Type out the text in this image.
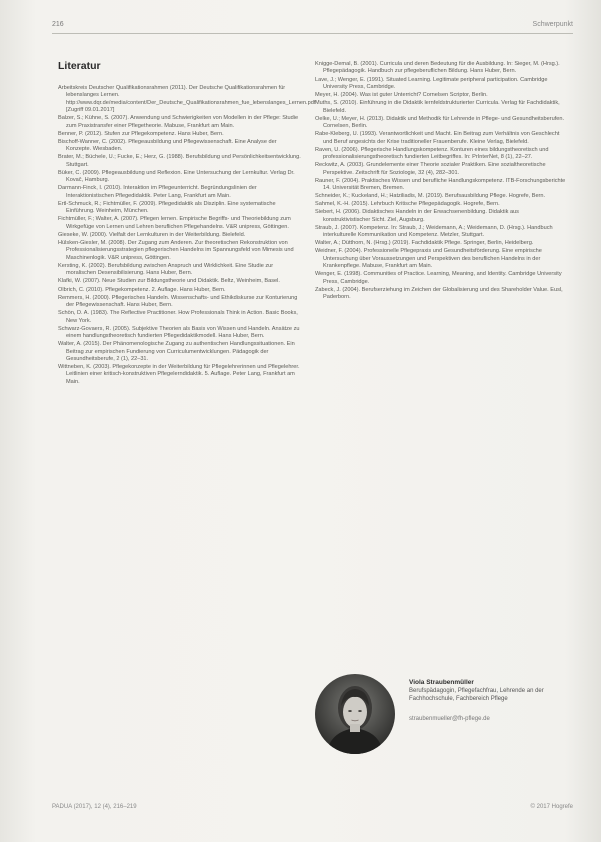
216	Schwerpunkt
Literatur

Arbeitskreis Deutscher Qualifikationsrahmen (2011). Der Deutsche Qualifikationsrahmen für lebenslanges Lernen. http://www.dqr.de/media/content/Der_Deutsche_Qualifikationsrahmen_fue_lebenslanges_Lernen.pdf [Zugriff 09.01.2017]

Balzer, S.; Kühne, S. (2007). Anwendung und Schwierigkeiten von Modellen in der Pflege: Studie zum Praxistransfer einer Pflegetheorie. Mabuse, Frankfurt am Main.

Benner, P. (2012). Stufen zur Pflegekompetenz. Hans Huber, Bern.

Bischoff-Wanner, C. (2002). Pflegeausbildung und Pflegewissenschaft. Eine Analyse der Konzepte. Wiesbaden.

Brater, M.; Büchele, U.; Fucke, E.; Herz, G. (1988). Berufsbildung und Persönlichkeitsentwicklung. Stuttgart.

Büker, C. (2009). Pflegeausbildung und Reflexion. Eine Untersuchung der Lernkultur. Verlag Dr. Kovač, Hamburg.

Darmann-Finck, I. (2010). Interaktion im Pflegeunterricht. Begründungslinien der Interaktionistischen Pflegedidaktik. Peter Lang, Frankfurt am Main.

Ertl-Schmuck, R.; Fichtmüller, F. (2009). Pflegedidaktik als Disziplin. Eine systematische Einführung. Weinheim, München.

Fichtmüller, F.; Walter, A. (2007). Pflegen lernen. Empirische Begriffs- und Theoriebildung zum Wirkgefüge von Lernen und Lehren beruflichen Pflegehandelns. V&R unipress, Göttingen.

Gieseke, W. (2000). Vielfalt der Lernkulturen in der Weiterbildung. Bielefeld.

Hülsken-Giesler, M. (2008). Der Zugang zum Anderen. Zur theoretischen Rekonstruktion von Professionalisierungsstrategien pflegerischen Handelns im Spannungsfeld von Mimesis und Maschinenlogik. V&R unipress, Göttingen.

Kersting, K. (2002). Berufsbildung zwischen Anspruch und Wirklichkeit. Eine Studie zur moralischen Desensibilisierung. Hans Huber, Bern.

Klafki, W. (2007). Neue Studien zur Bildungstheorie und Didaktik. Beltz, Weinheim, Basel.

Olbrich, C. (2010). Pflegekompetenz. 2. Auflage. Hans Huber, Bern.

Remmers, H. (2000). Pflegerisches Handeln. Wissenschafts- und Ethikdiskurse zur Konturierung der Pflegewissenschaft. Hans Huber, Bern.

Schön, D. A. (1983). The Reflective Practitioner. How Professionals Think in Action. Basic Books, New York.

Schwarz-Govaers, R. (2005). Subjektive Theorien als Basis von Wissen und Handeln. Ansätze zu einem handlungstheoretisch fundierten Pflegedidaktikmodell. Hans Huber, Bern.

Walter, A. (2015). Der Phänomenologische Zugang zu authentischen Handlungssituationen. Ein Beitrag zur empirischen Fundierung von Curriculumentwicklungen. Pädagogik der Gesundheitsberufe, 2 (1), 22–31.

Wittneben, K. (2003). Pflegekonzepte in der Weiterbildung für Pflegelehrerinnen und Pflegelehrer. Leitlinien einer kritisch-konstruktiven Pflegelerndidaktik. 5. Auflage. Peter Lang, Frankfurt am Main.

Knigge-Demal, B. (2001). Curricula und deren Bedeutung für die Ausbildung. In: Sieger, M. (Hrsg.). Pflegepädagogik. Handbuch zur pflegeberuflichen Bildung. Hans Huber, Bern.

Lave, J.; Wenger, E. (1991). Situated Learning. Legitimate peripheral participation. Cambridge University Press, Cambridge.

Meyer, H. (2004). Was ist guter Unterricht? Cornelsen Scriptor, Berlin.

Muths, S. (2010). Einführung in die Didaktik lernfeldstrukturierter Curricula. Verlag für Fachdidaktik, Bielefeld.

Oelke, U.; Meyer, H. (2013). Didaktik und Methodik für Lehrende in Pflege- und Gesundheitsberufen. Cornelsen, Berlin.

Rabe-Kleberg, U. (1993). Verantwortlichkeit und Macht. Ein Beitrag zum Verhältnis von Geschlecht und Beruf angesichts der Krise traditioneller Frauenberufe. Kleine Verlag, Bielefeld.

Raven, U. (2006). Pflegerische Handlungskompetenz. Konturen eines bildungstheoretisch und professionalisierungstheoretisch fundierten Leitbegriffes. In: PrInterNet, 8 (1), 22–27.

Reckwitz, A. (2003). Grundelemente einer Theorie sozialer Praktiken. Eine sozialtheoretische Perspektive. Zeitschrift für Soziologie, 32 (4), 282–301.

Rauner, F. (2004). Praktisches Wissen und berufliche Handlungskompetenz. ITB-Forschungsberichte 14. Universität Bremen, Bremen.

Schneider, K.; Kuckeland, H.; Hatziliadis, M. (2019). Berufsausbildung Pflege. Hogrefe, Bern.

Sahmel, K.-H. (2015). Lehrbuch Kritische Pflegepädagogik. Hogrefe, Bern.

Siebert, H. (2006). Didaktisches Handeln in der Erwachsenenbildung. Didaktik aus konstruktivistischer Sicht. Ziel, Augsburg.

Straub, J. (2007). Kompetenz. In: Straub, J.; Weidemann, A.; Weidemann, D. (Hrsg.). Handbuch interkulturelle Kommunikation und Kompetenz. Metzler, Stuttgart.

Walter, A.; Dütthorn, N. (Hrsg.) (2019). Fachdidaktik Pflege. Springer, Berlin, Heidelberg.

Weidner, F. (2004). Professionelle Pflegepraxis und Gesundheitsförderung. Eine empirische Untersuchung über Voraussetzungen und Perspektiven des beruflichen Handelns in der Krankenpflege. Mabuse, Frankfurt am Main.

Wenger, E. (1998). Communities of Practice. Learning, Meaning, and Identity. Cambridge University Press, Cambridge.

Zabeck, J. (2004). Berufserziehung im Zeichen der Globalisierung und des Shareholder Value. Eusl, Paderborn.

Viola Straubenmüller
Berufspädagogin, Pflegefachfrau, Lehrende an der Fachhochschule, Fachbereich Pflege
straubenmueller@fh-pflege.de
PADUA (2017), 12 (4), 216–219	© 2017 Hogrefe
